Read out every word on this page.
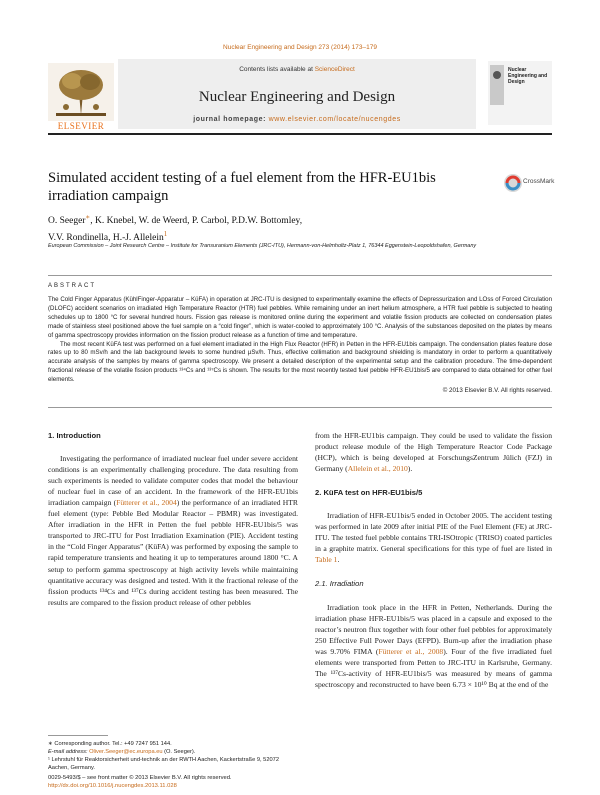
Nuclear Engineering and Design 273 (2014) 173–179
ELSEVIER
Contents lists available at ScienceDirect
Nuclear Engineering and Design
journal homepage: www.elsevier.com/locate/nucengdes
Nuclear Engineering and Design
Simulated accident testing of a fuel element from the HFR-EU1bis irradiation campaign
CrossMark
O. Seeger∗, K. Knebel, W. de Weerd, P. Carbol, P.D.W. Bottomley,
V.V. Rondinella, H.-J. Allelein$^1$
European Commission – Joint Research Centre – Institute for Transuranium Elements (JRC-ITU), Hermann-von-Helmholtz-Platz 1, 76344 Eggenstein-Leopoldshafen, Germany
ABSTRACT

The Cold Finger Apparatus (KühlFinger-Apparatur – KüFA) in operation at JRC-ITU is designed to experimentally examine the effects of Depressurization and LOss of Forced Circulation (DLOFC) accident scenarios on irradiated High Temperature Reactor (HTR) fuel pebbles. While remaining under an inert helium atmosphere, a HTR fuel pebble is subjected to heating schedules up to 1800 °C for several hundred hours. Fission gas release is monitored online during the experiment and volatile fission products are collected on condensation plates made of stainless steel positioned above the fuel sample on a “cold finger”, which is water-cooled to approximately 100 °C. Analysis of the substances deposited on the plates by means of gamma spectroscopy provides information on the fission product release as a function of time and temperature.

The most recent KüFA test was performed on a fuel element irradiated in the High Flux Reactor (HFR) in Petten in the HFR-EU1bis campaign. The condensation plates feature dose rates up to 80 mSv/h and the lab background levels to some hundred µSv/h. Thus, effective collimation and background shielding is mandatory in order to perform a quantitatively accurate analysis of the samples by means of gamma spectroscopy. We present a detailed description of the experimental setup and the calibration procedure. The time-dependent fractional release of the volatile fission products ¹³⁴Cs and ¹³⁷Cs is shown. The results for the most recently tested fuel pebble HFR-EU1bis/5 are compared to data obtained for other fuel elements.

© 2013 Elsevier B.V. All rights reserved.
1. Introduction

Investigating the performance of irradiated nuclear fuel under severe accident conditions is an experimentally challenging procedure. The data resulting from such experiments is needed to validate computer codes that model the behaviour of nuclear fuel in case of an accident. In the framework of the HFR-EU1bis irradiation campaign (Fütterer et al., 2004) the performance of an irradiated HTR fuel element (type: Pebble Bed Modular Reactor – PBMR) was investigated. After irradiation in the HFR in Petten the fuel pebble HFR-EU1bis/5 was transported to JRC-ITU for Post Irradiation Examination (PIE). Accident testing in the “Cold Finger Apparatus” (KüFA) was performed by exposing the sample to rapid temperature transients and heating it up to temperatures around 1800 °C. A setup to perform gamma spectroscopy at high activity levels while maintaining quantitative accuracy was designed and tested. With it the fractional release of the fission products ¹³⁴Cs and ¹³⁷Cs during accident testing has been measured. The results are compared to the fission product release of other pebbles

∗ Corresponding author. Tel.: +49 7247 951 144.
E-mail address: Oliver.Seeger@ec.europa.eu (O. Seeger).
¹ Lehrstuhl für Reaktorsicherheit und-technik an der RWTH Aachen, Kackertstraße 9, 52072 Aachen, Germany.

from the HFR-EU1bis campaign. They could be used to validate the fission product release module of the High Temperature Reactor Code Package (HCP), which is being developed at ForschungsZentrum Jülich (FZJ) in Germany (Allelein et al., 2010).

2. KüFA test on HFR-EU1bis/5

Irradiation of HFR-EU1bis/5 ended in October 2005. The accident testing was performed in late 2009 after initial PIE of the Fuel Element (FE) at JRC-ITU. The tested fuel pebble contains TRI-ISOtropic (TRISO) coated particles in a graphite matrix. General specifications for this type of fuel are listed in Table 1.

2.1. Irradiation

Irradiation took place in the HFR in Petten, Netherlands. During the irradiation phase HFR-EU1bis/5 was placed in a capsule and exposed to the reactor’s neutron flux together with four other fuel pebbles for approximately 250 Effective Full Power Days (EFPD). Burn-up after the irradiation phase was 9.70% FIMA (Fütterer et al., 2008). Four of the five irradiated fuel elements were transported from Petten to JRC-ITU in Karlsruhe, Germany. The ¹³⁷Cs-activity of HFR-EU1bis/5 was measured by means of gamma spectroscopy and reconstructed to have been 6.73 × 10¹⁰ Bq at the end of the

0029-5493/$ – see front matter © 2013 Elsevier B.V. All rights reserved.
http://dx.doi.org/10.1016/j.nucengdes.2013.11.028
